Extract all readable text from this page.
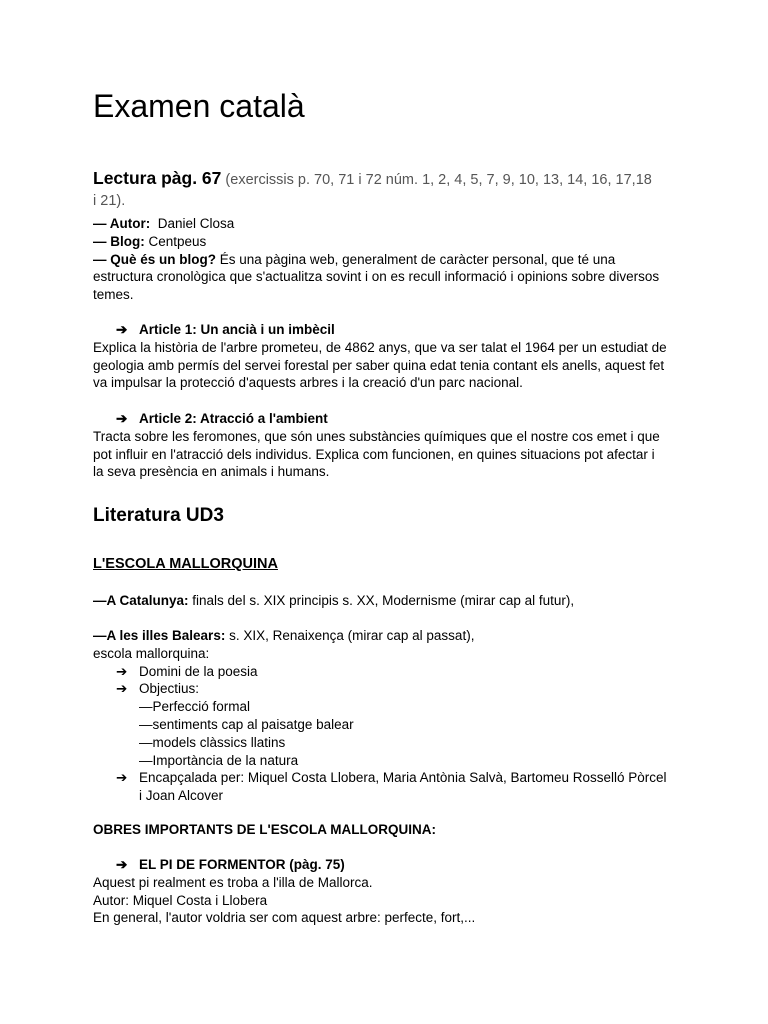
Examen català
Lectura pàg. 67 (exercissis p. 70, 71 i 72 núm. 1, 2, 4, 5, 7, 9, 10, 13, 14, 16, 17,18 i 21).
— Autor: Daniel Closa
— Blog: Centpeus
— Què és un blog? És una pàgina web, generalment de caràcter personal, que té una estructura cronològica que s'actualitza sovint i on es recull informació i opinions sobre diversos temes.
➔ Article 1: Un ancià i un imbècil
Explica la història de l'arbre prometeu, de 4862 anys, que va ser talat el 1964 per un estudiat de geologia amb permís del servei forestal per saber quina edat tenia contant els anells, aquest fet va impulsar la protecció d'aquests arbres i la creació d'un parc nacional.
➔ Article 2: Atracció a l'ambient
Tracta sobre les feromones, que són unes substàncies químiques que el nostre cos emet i que pot influir en l'atracció dels individus. Explica com funcionen, en quines situacions pot afectar i la seva presència en animals i humans.
Literatura UD3
L'ESCOLA MALLORQUINA
—A Catalunya: finals del s. XIX principis s. XX, Modernisme (mirar cap al futur),
—A les illes Balears: s. XIX, Renaixença (mirar cap al passat),
escola mallorquina:
➔ Domini de la poesia
➔ Objectius:
—Perfecció formal
—sentiments cap al paisatge balear
—models clàssics llatins
—Importància de la natura
➔ Encapçalada per: Miquel Costa Llobera, Maria Antònia Salvà, Bartomeu Rosselló Pòrcel i Joan Alcover
OBRES IMPORTANTS DE L'ESCOLA MALLORQUINA:
➔ EL PI DE FORMENTOR (pàg. 75)
Aquest pi realment es troba a l'illa de Mallorca.
Autor: Miquel Costa i Llobera
En general, l'autor voldria ser com aquest arbre: perfecte, fort,...
